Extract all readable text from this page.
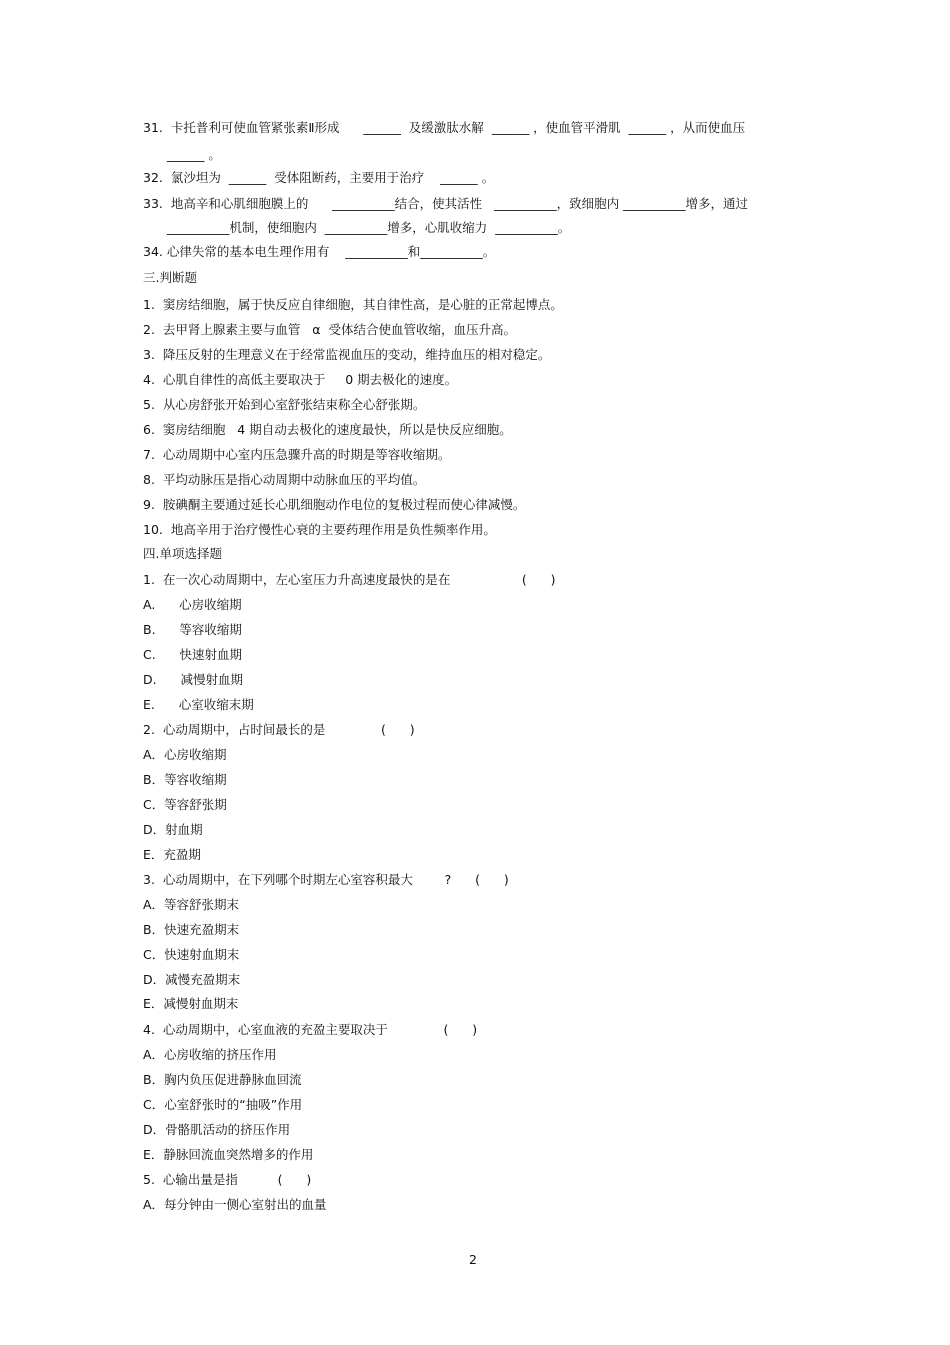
31.  卡托普利可使血管紧张素Ⅱ形成      ______  及缓激肽水解  ______ ，使血管平滑肌  ______ ，从而使血压
______ 。
32.  氯沙坦为  ______  受体阻断药，主要用于治疗    ______ 。
33.  地高辛和心肌细胞膜上的      __________结合，使其活性   __________，致细胞内 __________增多，通过
__________机制，使细胞内  __________增多，心肌收缩力  __________。
34. 心律失常的基本电生理作用有    __________和__________。
三.判断题
1.  窦房结细胞，属于快反应自律细胞，其自律性高，是心脏的正常起博点。
2.  去甲肾上腺素主要与血管   α  受体结合使血管收缩，血压升高。
3.  降压反射的生理意义在于经常监视血压的变动，维持血压的相对稳定。
4.  心肌自律性的高低主要取决于     0 期去极化的速度。
5.  从心房舒张开始到心室舒张结束称全心舒张期。
6.  窦房结细胞   4 期自动去极化的速度最快，所以是快反应细胞。
7.  心动周期中心室内压急骤升高的时期是等容收缩期。
8.  平均动脉压是指心动周期中动脉血压的平均值。
9.  胺碘酮主要通过延长心肌细胞动作电位的复极过程而使心律减慢。
10.  地高辛用于治疗慢性心衰的主要药理作用是负性频率作用。
四.单项选择题
1.  在一次心动周期中，左心室压力升高速度最快的是在                  (      )
A.      心房收缩期
B.      等容收缩期
C.      快速射血期
D.      减慢射血期
E.      心室收缩末期
2.  心动周期中，占时间最长的是              (      )
A．心房收缩期
B．等容收缩期
C．等容舒张期
D．射血期
E．充盈期
3.  心动周期中，在下列哪个时期左心室容积最大        ?      (      )
A．等容舒张期末
B．快速充盈期末
C．快速射血期末
D．减慢充盈期末
E．减慢射血期末
4.  心动周期中，心室血液的充盈主要取决于              (      )
A．心房收缩的挤压作用
B．胸内负压促进静脉血回流
C．心室舒张时的“抽吸”作用
D．骨骼肌活动的挤压作用
E．静脉回流血突然增多的作用
5.  心输出量是指          (      )
A．每分钟由一侧心室射出的血量
2
